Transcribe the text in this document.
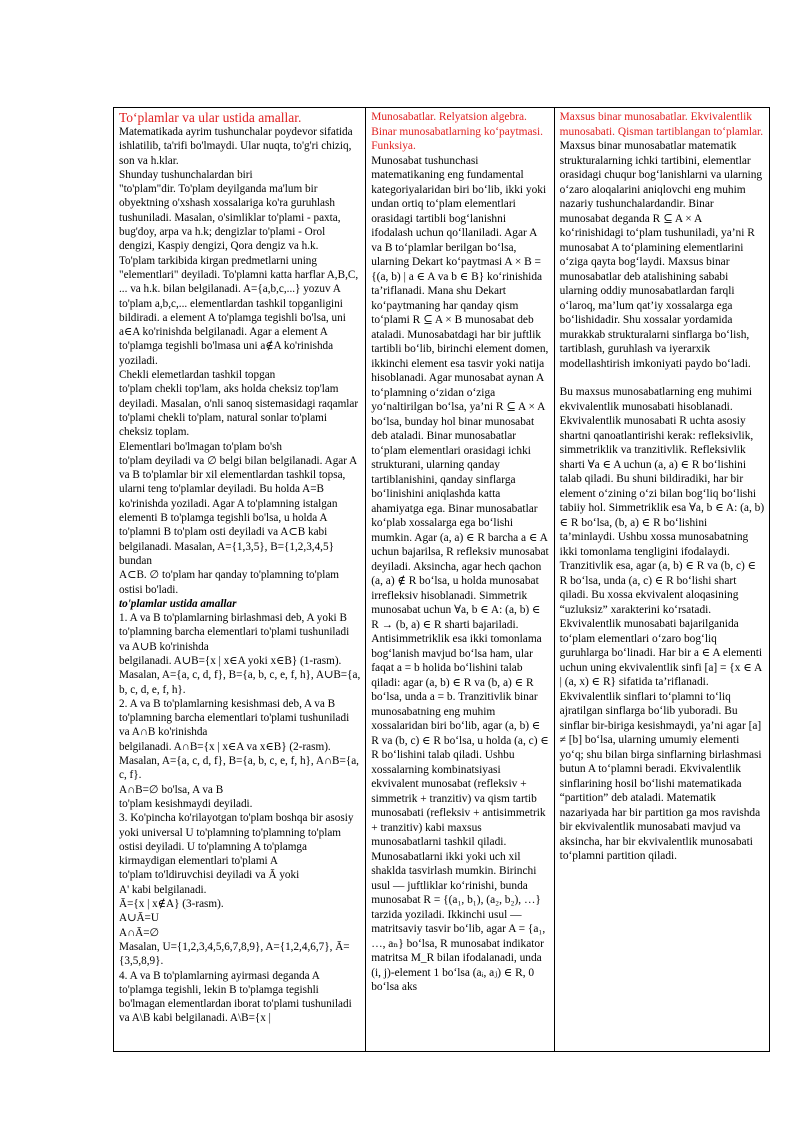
To‘plamlar va ular ustida amallar.

Matematikada ayrim tushunchalar poydevor sifatida ishlatilib, ta'rifi bo'lmaydi. Ular nuqta, to'g'ri chiziq, son va h.klar.

Shunday tushunchalardan biri

"to'plam"dir. To'plam deyilganda ma'lum bir obyektning o'xshash xossalariga ko'ra guruhlash tushuniladi. Masalan, o'simliklar to'plami - paxta, bug'doy, arpa va h.k; dengizlar to'plami - Orol dengizi, Kaspiy dengizi, Qora dengiz va h.k.

To'plam tarkibida kirgan predmetlarni uning "elementlari" deyiladi. To'plamni katta harflar A,B,C, ... va h.k. bilan belgilanadi. A={a,b,c,...} yozuv A to'plam a,b,c,... elementlardan tashkil topganligini bildiradi. a element A to'plamga tegishli bo'lsa, uni a∈A ko'rinishda belgilanadi. Agar a element A to'plamga tegishli bo'lmasa uni a∉A ko'rinishda yoziladi.

Chekli elemetlardan tashkil topgan

to'plam chekli top'lam, aks holda cheksiz top'lam deyiladi. Masalan, o'nli sanoq sistemasidagi raqamlar to'plami chekli to'plam, natural sonlar to'plami cheksiz toplam.

Elementlari bo'lmagan to'plam bo'sh

to'plam deyiladi va ∅ belgi bilan belgilanadi. Agar A va B to'plamlar bir xil elementlardan tashkil topsa, ularni teng to'plamlar deyiladi. Bu holda A=B ko'rinishda yoziladi. Agar A to'plamning istalgan elementi B to'plamga tegishli bo'lsa, u holda A to'plamni B to'plam osti deyiladi va A⊂B kabi belgilanadi. Masalan, A={1,3,5}, B={1,2,3,4,5} bundan

A⊂B. ∅ to'plam har qanday to'plamning to'plam ostisi bo'ladi.

to'plamlar ustida amallar

1. A va B to'plamlarning birlashmasi deb, A yoki B to'plamning barcha elementlari to'plami tushuniladi va A∪B ko'rinishda

belgilanadi. A∪B={x | x∈A yoki x∈B} (1-rasm).

Masalan, A={a, c, d, f}, B={a, b, c, e, f, h}, A∪B={a, b, c, d, e, f, h}.

2. A va B to'plamlarning kesishmasi deb, A va B to'plamning barcha elementlari to'plami tushuniladi va A∩B ko'rinishda

belgilanadi. A∩B={x | x∈A va x∈B} (2-rasm). Masalan, A={a, c, d, f}, B={a, b, c, e, f, h}, A∩B={a, c, f}.

A∩B=∅ bo'lsa, A va B

to'plam kesishmaydi deyiladi.

3. Ko'pincha ko'rilayotgan to'plam boshqa bir asosiy yoki universal U to'plamning to'plamning to'plam ostisi deyiladi. U to'plamning A to'plamga kirmaydigan elementlari to'plami A

to'plam to'ldiruvchisi deyiladi va Ā yoki

A' kabi belgilanadi.

Ā={x | x∉A} (3-rasm).

A∪Ā=U

A∩Ā=∅

Masalan, U={1,2,3,4,5,6,7,8,9}, A={1,2,4,6,7}, Ā={3,5,8,9}.

4. A va B to'plamlarning ayirmasi deganda A to'plamga tegishli, lekin B to'plamga tegishli bo'lmagan elementlardan iborat to'plami tushuniladi va A\B kabi belgilanadi. A\B={x |

Munosabatlar. Relyatsion algebra. Binar munosabatlarning ko‘paytmasi. Funksiya.

Munosabat tushunchasi matematikaning eng fundamental kategoriyalaridan biri bo‘lib, ikki yoki undan ortiq to‘plam elementlari orasidagi tartibli bog‘lanishni ifodalash uchun qo‘llaniladi. Agar A va B to‘plamlar berilgan bo‘lsa, ularning Dekart ko‘paytmasi A × B = {(a, b) | a ∈ A va b ∈ B} ko‘rinishida ta’riflanadi. Mana shu Dekart ko‘paytmaning har qanday qism to‘plami R ⊆ A × B munosabat deb ataladi. Munosabatdagi har bir juftlik tartibli bo‘lib, birinchi element domen, ikkinchi element esa tasvir yoki natija hisoblanadi. Agar munosabat aynan A to‘plamning o‘zidan o‘ziga yo‘naltirilgan bo‘lsa, ya’ni R ⊆ A × A bo‘lsa, bunday hol binar munosabat deb ataladi. Binar munosabatlar to‘plam elementlari orasidagi ichki strukturani, ularning qanday tartiblanishini, qanday sinflarga bo‘linishini aniqlashda katta ahamiyatga ega. Binar munosabatlar ko‘plab xossalarga ega bo‘lishi mumkin. Agar (a, a) ∈ R barcha a ∈ A uchun bajarilsa, R refleksiv munosabat deyiladi. Aksincha, agar hech qachon (a, a) ∉ R bo‘lsa, u holda munosabat irrefleksiv hisoblanadi. Simmetrik munosabat uchun ∀a, b ∈ A: (a, b) ∈ R → (b, a) ∈ R sharti bajariladi. Antisimmetriklik esa ikki tomonlama bog‘lanish mavjud bo‘lsa ham, ular faqat a = b holida bo‘lishini talab qiladi: agar (a, b) ∈ R va (b, a) ∈ R bo‘lsa, unda a = b. Tranzitivlik binar munosabatning eng muhim xossalaridan biri bo‘lib, agar (a, b) ∈ R va (b, c) ∈ R bo‘lsa, u holda (a, c) ∈ R bo‘lishini talab qiladi. Ushbu xossalarning kombinatsiyasi ekvivalent munosabat (refleksiv + simmetrik + tranzitiv) va qism tartib munosabati (refleksiv + antisimmetrik + tranzitiv) kabi maxsus munosabatlarni tashkil qiladi. Munosabatlarni ikki yoki uch xil shaklda tasvirlash mumkin. Birinchi usul — juftliklar ko‘rinishi, bunda munosabat R = {(a₁, b₁), (a₂, b₂), …} tarzida yoziladi. Ikkinchi usul — matritsaviy tasvir bo‘lib, agar A = {a₁, …, aₙ} bo‘lsa, R munosabat indikator matritsa M_R bilan ifodalanadi, unda (i, j)-element 1 bo‘lsa (aᵢ, aⱼ) ∈ R, 0 bo‘lsa aks

Maxsus binar munosabatlar. Ekvivalentlik munosabati. Qisman tartiblangan to‘plamlar.

Maxsus binar munosabatlar matematik strukturalarning ichki tartibini, elementlar orasidagi chuqur bog‘lanishlarni va ularning o‘zaro aloqalarini aniqlovchi eng muhim nazariy tushunchalardandir. Binar munosabat deganda R ⊆ A × A ko‘rinishidagi to‘plam tushuniladi, ya’ni R munosabat A to‘plamining elementlarini o‘ziga qayta bog‘laydi. Maxsus binar munosabatlar deb atalishining sababi ularning oddiy munosabatlardan farqli o‘laroq, ma’lum qat’iy xossalarga ega bo‘lishidadir. Shu xossalar yordamida murakkab strukturalarni sinflarga bo‘lish, tartiblash, guruhlash va iyerarxik modellashtirish imkoniyati paydo bo‘ladi.

Bu maxsus munosabatlarning eng muhimi ekvivalentlik munosabati hisoblanadi. Ekvivalentlik munosabati R uchta asosiy shartni qanoatlantirishi kerak: refleksivlik, simmetriklik va tranzitivlik. Refleksivlik sharti ∀a ∈ A uchun (a, a) ∈ R bo‘lishini talab qiladi. Bu shuni bildiradiki, har bir element o‘zining o‘zi bilan bog‘liq bo‘lishi tabiiy hol. Simmetriklik esa ∀a, b ∈ A: (a, b) ∈ R bo‘lsa, (b, a) ∈ R bo‘lishini ta’minlaydi. Ushbu xossa munosabatning ikki tomonlama tengligini ifodalaydi. Tranzitivlik esa, agar (a, b) ∈ R va (b, c) ∈ R bo‘lsa, unda (a, c) ∈ R bo‘lishi shart qiladi. Bu xossa ekvivalent aloqasining “uzluksiz” xarakterini ko‘rsatadi. Ekvivalentlik munosabati bajarilganida to‘plam elementlari o‘zaro bog‘liq guruhlarga bo‘linadi. Har bir a ∈ A elementi uchun uning ekvivalentlik sinfi [a] = {x ∈ A | (a, x) ∈ R} sifatida ta’riflanadi. Ekvivalentlik sinflari to‘plamni to‘liq ajratilgan sinflarga bo‘lib yuboradi. Bu sinflar bir-biriga kesishmaydi, ya’ni agar [a] ≠ [b] bo‘lsa, ularning umumiy elementi yo‘q; shu bilan birga sinflarning birlashmasi butun A to‘plamni beradi. Ekvivalentlik sinflarining hosil bo‘lishi matematikada “partition” deb ataladi. Matematik nazariyada har bir partition ga mos ravishda bir ekvivalentlik munosabati mavjud va aksincha, har bir ekvivalentlik munosabati to‘plamni partition qiladi.
